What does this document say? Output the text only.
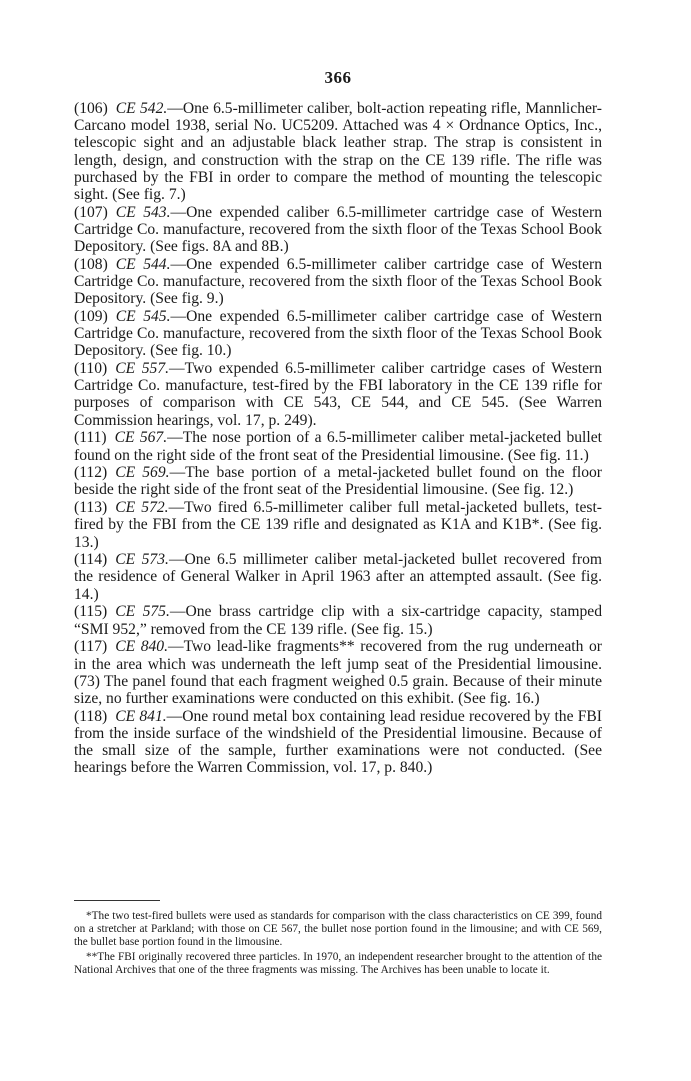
366

(106) CE 542.—One 6.5-millimeter caliber, bolt-action repeating rifle, Mannlicher-Carcano model 1938, serial No. UC5209. Attached was 4 × Ordnance Optics, Inc., telescopic sight and an adjustable black leather strap. The strap is consistent in length, design, and construction with the strap on the CE 139 rifle. The rifle was purchased by the FBI in order to compare the method of mounting the telescopic sight. (See fig. 7.)

(107) CE 543.—One expended caliber 6.5-millimeter cartridge case of Western Cartridge Co. manufacture, recovered from the sixth floor of the Texas School Book Depository. (See figs. 8A and 8B.)

(108) CE 544.—One expended 6.5-millimeter caliber cartridge case of Western Cartridge Co. manufacture, recovered from the sixth floor of the Texas School Book Depository. (See fig. 9.)

(109) CE 545.—One expended 6.5-millimeter caliber cartridge case of Western Cartridge Co. manufacture, recovered from the sixth floor of the Texas School Book Depository. (See fig. 10.)

(110) CE 557.—Two expended 6.5-millimeter caliber cartridge cases of Western Cartridge Co. manufacture, test-fired by the FBI laboratory in the CE 139 rifle for purposes of comparison with CE 543, CE 544, and CE 545. (See Warren Commission hearings, vol. 17, p. 249).

(111) CE 567.—The nose portion of a 6.5-millimeter caliber metal-jacketed bullet found on the right side of the front seat of the Presidential limousine. (See fig. 11.)

(112) CE 569.—The base portion of a metal-jacketed bullet found on the floor beside the right side of the front seat of the Presidential limousine. (See fig. 12.)

(113) CE 572.—Two fired 6.5-millimeter caliber full metal-jacketed bullets, test-fired by the FBI from the CE 139 rifle and designated as K1A and K1B*. (See fig. 13.)

(114) CE 573.—One 6.5 millimeter caliber metal-jacketed bullet recovered from the residence of General Walker in April 1963 after an attempted assault. (See fig. 14.)

(115) CE 575.—One brass cartridge clip with a six-cartridge capacity, stamped “SMI 952,” removed from the CE 139 rifle. (See fig. 15.)

(117) CE 840.—Two lead-like fragments** recovered from the rug underneath or in the area which was underneath the left jump seat of the Presidential limousine.(73) The panel found that each fragment weighed 0.5 grain. Because of their minute size, no further examinations were conducted on this exhibit. (See fig. 16.)

(118) CE 841.—One round metal box containing lead residue recovered by the FBI from the inside surface of the windshield of the Presidential limousine. Because of the small size of the sample, further examinations were not conducted. (See hearings before the Warren Commission, vol. 17, p. 840.)

*The two test-fired bullets were used as standards for comparison with the class characteristics on CE 399, found on a stretcher at Parkland; with those on CE 567, the bullet nose portion found in the limousine; and with CE 569, the bullet base portion found in the limousine.

**The FBI originally recovered three particles. In 1970, an independent researcher brought to the attention of the National Archives that one of the three fragments was missing. The Archives has been unable to locate it.
